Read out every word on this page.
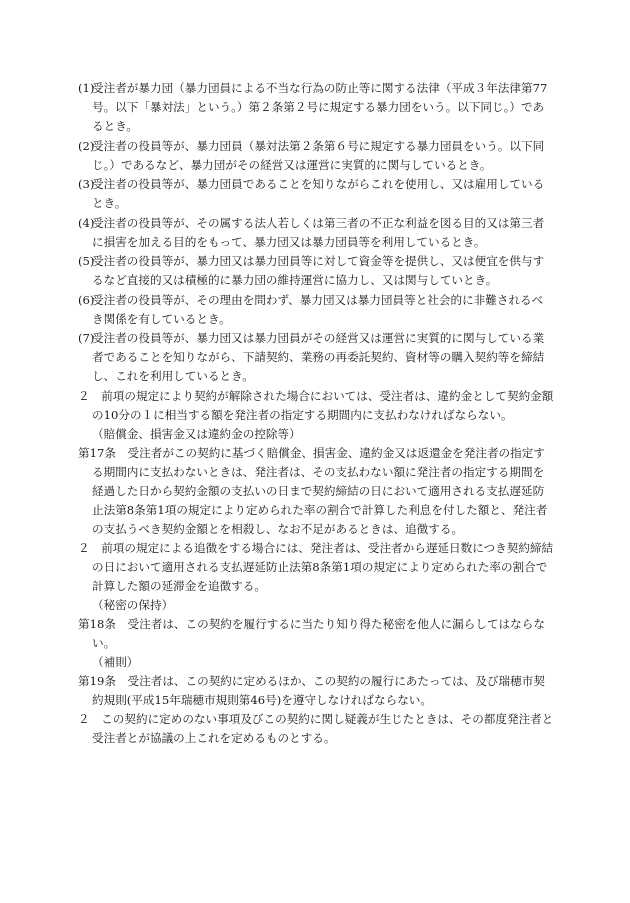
(1)
受注者が暴力団（暴力団員による不当な行為の防止等に関する法律（平成３年法律第77号。以下「暴対法」という。）第２条第２号に規定する暴力団をいう。以下同じ。）であるとき。
(2)
受注者の役員等が、暴力団員（暴対法第２条第６号に規定する暴力団員をいう。以下同じ。）であるなど、暴力団がその経営又は運営に実質的に関与しているとき。
(3)
受注者の役員等が、暴力団員であることを知りながらこれを使用し、又は雇用しているとき。
(4)
受注者の役員等が、その属する法人若しくは第三者の不正な利益を図る目的又は第三者に損害を加える目的をもって、暴力団又は暴力団員等を利用しているとき。
(5)
受注者の役員等が、暴力団又は暴力団員等に対して資金等を提供し、又は便宜を供与するなど直接的又は積極的に暴力団の維持運営に協力し、又は関与していとき。
(6)
受注者の役員等が、その理由を問わず、暴力団又は暴力団員等と社会的に非難されるべき関係を有しているとき。
(7)
受注者の役員等が、暴力団又は暴力団員がその経営又は運営に実質的に関与している業者であることを知りながら、下請契約、業務の再委託契約、資材等の購入契約等を締結し、これを利用しているとき。

２　前項の規定により契約が解除された場合においては、受注者は、違約金として契約金額の10分の１に相当する額を発注者の指定する期間内に支払わなければならない。

（賠償金、損害金又は違約金の控除等）

第17条　受注者がこの契約に基づく賠償金、損害金、違約金又は返還金を発注者の指定する期間内に支払わないときは、発注者は、その支払わない額に発注者の指定する期間を経過した日から契約金額の支払いの日まで契約締結の日において適用される支払遅延防止法第8条第1項の規定により定められた率の割合で計算した利息を付した額と、発注者の支払うべき契約金額とを相殺し、なお不足があるときは、追徴する。

２　前項の規定による追徴をする場合には、発注者は、受注者から遅延日数につき契約締結の日において適用される支払遅延防止法第8条第1項の規定により定められた率の割合で計算した額の延滞金を追徴する。

（秘密の保持）

第18条　受注者は、この契約を履行するに当たり知り得た秘密を他人に漏らしてはならない。

（補則）

第19条　受注者は、この契約に定めるほか、この契約の履行にあたっては、及び瑞穂市契約規則(平成15年瑞穂市規則第46号)を遵守しなければならない。

２　この契約に定めのない事項及びこの契約に関し疑義が生じたときは、その都度発注者と受注者とが協議の上これを定めるものとする。
